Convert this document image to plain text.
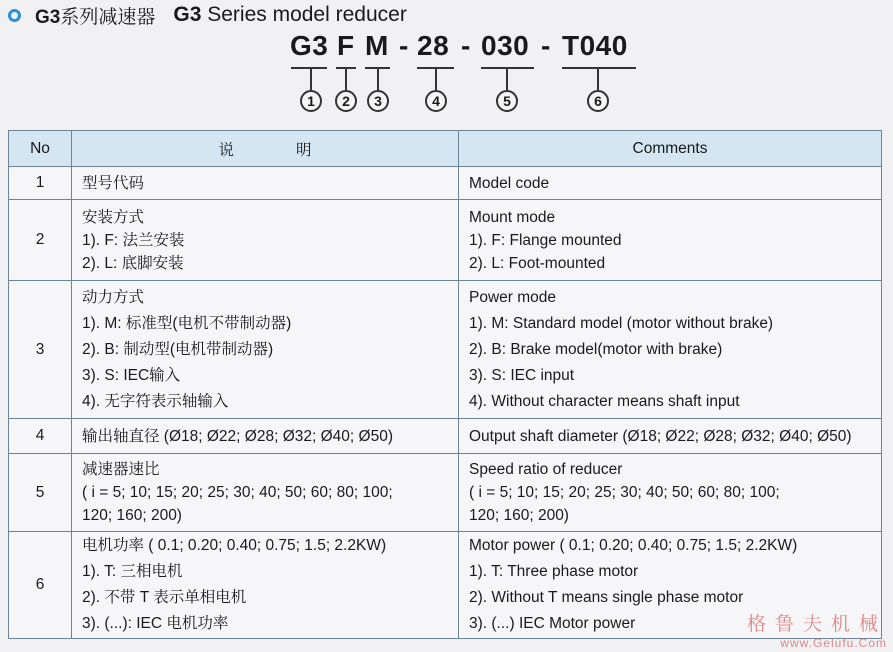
G3系列减速器 G3 Series model reducer
G3 F M - 28 - 030 - T040
1	2	3	4	5	6
No	说　　　　明	Comments
1	型号代码	Model code

2	安装方式
1). F: 法兰安装
2). L: 底脚安装	Mount mode
1). F: Flange mounted
2). L: Foot-mounted

3	动力方式
1). M: 标准型(电机不带制动器)
2). B: 制动型(电机带制动器)
3). S: IEC输入
4). 无字符表示轴输入	Power mode
1). M: Standard model (motor without brake)
2). B: Brake model(motor with brake)
3). S: IEC input
4). Without character means shaft input

4	输出轴直径 (Ø18; Ø22; Ø28; Ø32; Ø40; Ø50)	Output shaft diameter (Ø18; Ø22; Ø28; Ø32; Ø40; Ø50)

5	减速器速比
( i = 5; 10; 15; 20; 25; 30; 40; 50; 60; 80; 100;
120; 160; 200)	Speed ratio of reducer
( i = 5; 10; 15; 20; 25; 30; 40; 50; 60; 80; 100;
120; 160; 200)

6	电机功率 ( 0.1; 0.20; 0.40; 0.75; 1.5; 2.2KW)
1). T: 三相电机
2). 不带 T 表示单相电机
3). (...): IEC 电机功率	Motor power ( 0.1; 0.20; 0.40; 0.75; 1.5; 2.2KW)
1). T: Three phase motor
2). Without T means single phase motor
3). (...) IEC Motor power	格鲁夫机械
www.Gelufu.Com
